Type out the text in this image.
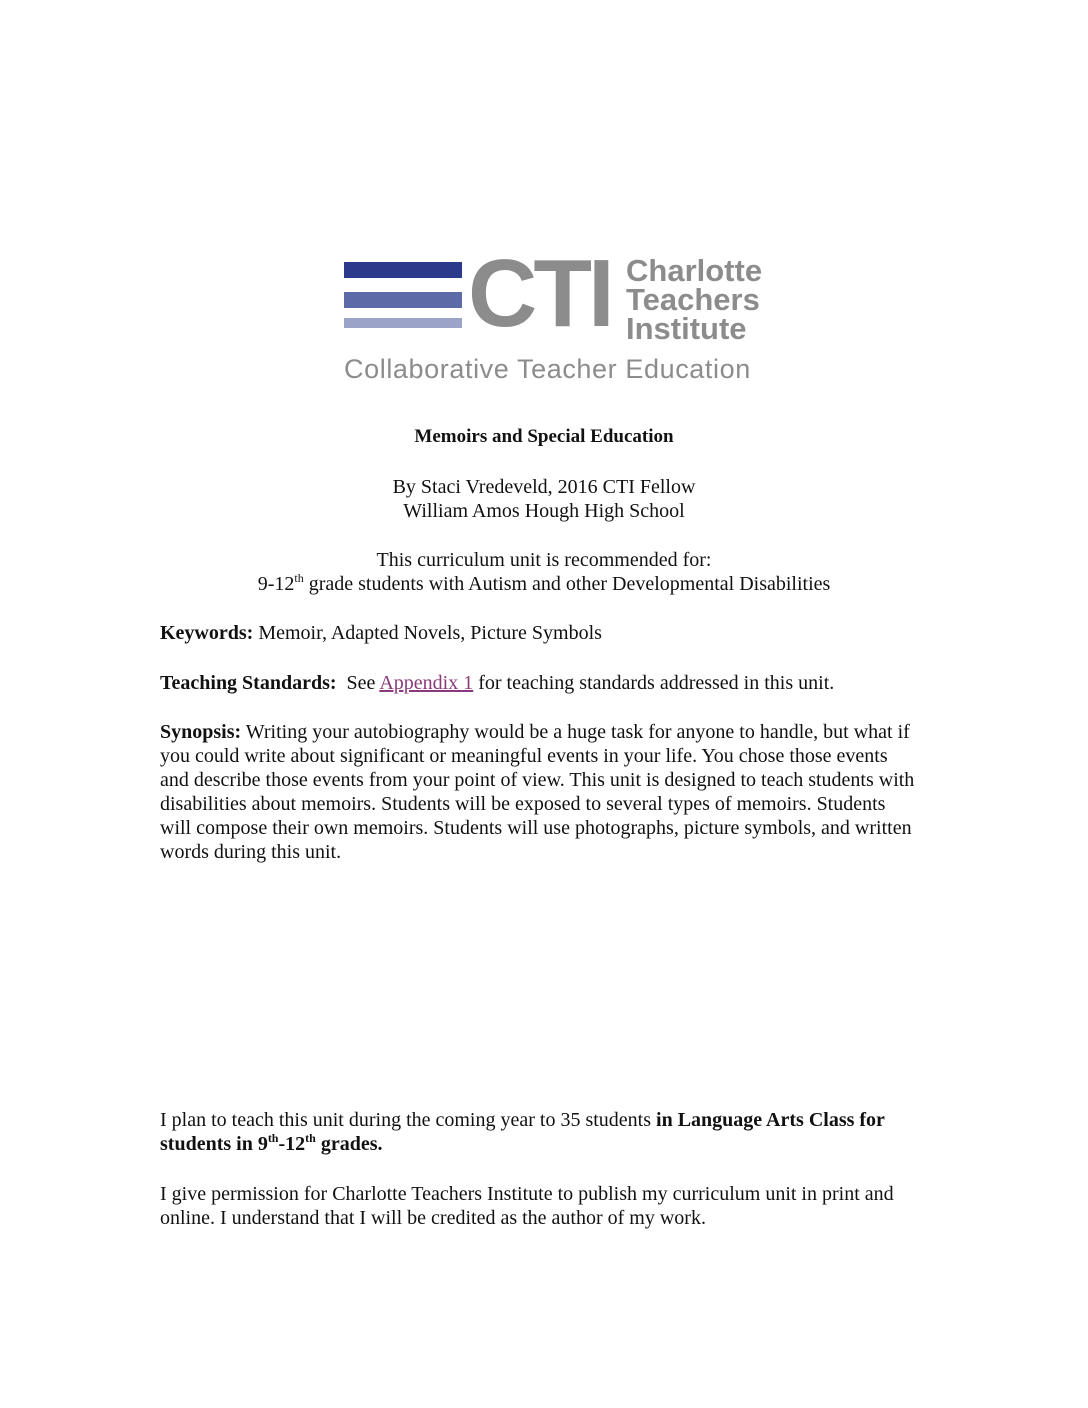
CTI Charlotte
Teachers
Institute
Collaborative Teacher Education
Memoirs and Special Education
By Staci Vredeveld, 2016 CTI Fellow
William Amos Hough High School
This curriculum unit is recommended for:
9-12th grade students with Autism and other Developmental Disabilities
Keywords: Memoir, Adapted Novels, Picture Symbols
Teaching Standards:  See Appendix 1 for teaching standards addressed in this unit.
Synopsis: Writing your autobiography would be a huge task for anyone to handle, but what if you could write about significant or meaningful events in your life. You chose those events and describe those events from your point of view. This unit is designed to teach students with disabilities about memoirs. Students will be exposed to several types of memoirs. Students will compose their own memoirs. Students will use photographs, picture symbols, and written words during this unit.
I plan to teach this unit during the coming year to 35 students in Language Arts Class for students in 9th-12th grades.
I give permission for Charlotte Teachers Institute to publish my curriculum unit in print and online. I understand that I will be credited as the author of my work.
